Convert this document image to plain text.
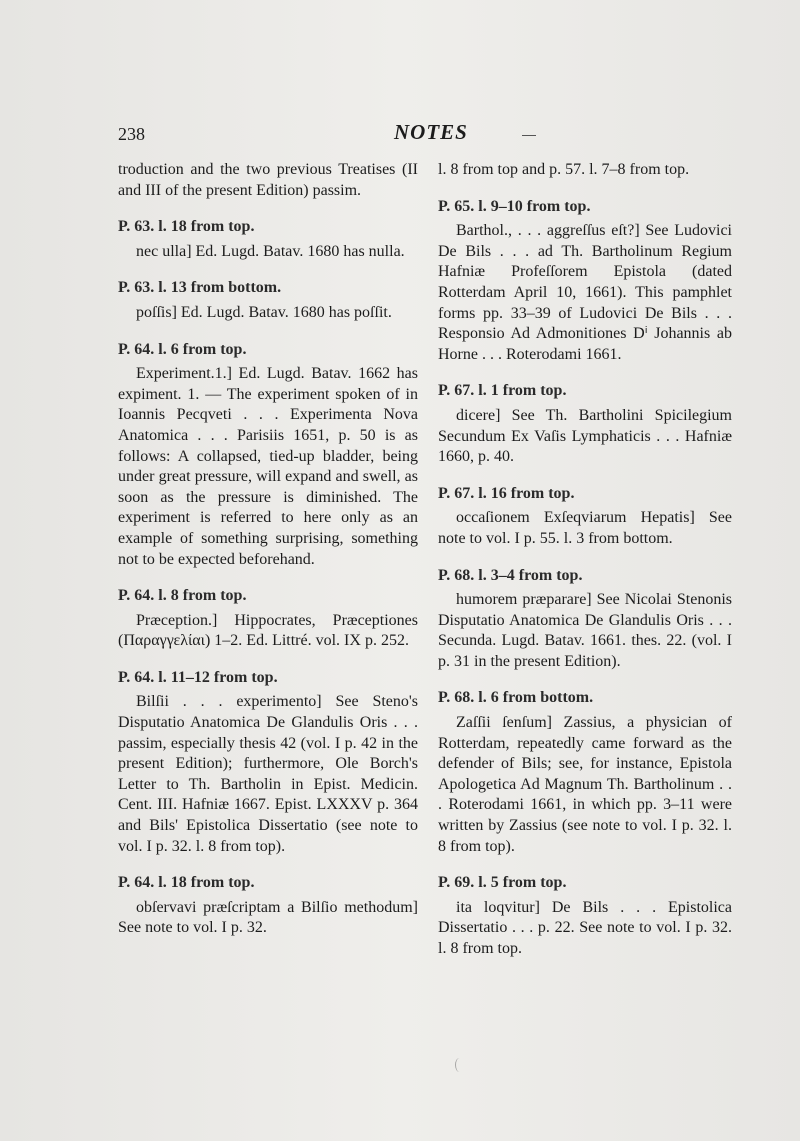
238	NOTES

troduction and the two previous Treatises (II and III of the present Edition) passim.

P. 63. l. 18 from top.

nec ulla] Ed. Lugd. Batav. 1680 has nulla.

P. 63. l. 13 from bottom.

poſſis] Ed. Lugd. Batav. 1680 has poſſit.

P. 64. l. 6 from top.

Experiment.1.] Ed. Lugd. Batav. 1662 has expiment. 1. — The experiment spoken of in Ioannis Pecqveti . . . Experimenta Nova Anatomica . . . Parisiis 1651, p. 50 is as follows: A collapsed, tied-up bladder, being under great pressure, will expand and swell, as soon as the pressure is diminished. The experiment is referred to here only as an example of something surprising, something not to be expected beforehand.

P. 64. l. 8 from top.

Præception.] Hippocrates, Præceptiones (Παραγγελίαι) 1–2. Ed. Littré. vol. IX p. 252.

P. 64. l. 11–12 from top.

Bilſii . . . experimento] See Steno's Disputatio Anatomica De Glandulis Oris . . . passim, especially thesis 42 (vol. I p. 42 in the present Edition); furthermore, Ole Borch's Letter to Th. Bartholin in Epist. Medicin. Cent. III. Hafniæ 1667. Epist. LXXXV p. 364 and Bils' Epistolica Dissertatio (see note to vol. I p. 32. l. 8 from top).

P. 64. l. 18 from top.

obſervavi præſcriptam a Bilſio methodum] See note to vol. I p. 32.

l. 8 from top and p. 57. l. 7–8 from top.

P. 65. l. 9–10 from top.

Barthol., . . . aggreſſus eſt?] See Ludovici De Bils . . . ad Th. Bartholinum Regium Hafniæ Profeſſorem Epistola (dated Rotterdam April 10, 1661). This pamphlet forms pp. 33–39 of Ludovici De Bils . . . Responsio Ad Admonitiones Dⁱ Johannis ab Horne . . . Roterodami 1661.

P. 67. l. 1 from top.

dicere] See Th. Bartholini Spicilegium Secundum Ex Vaſis Lymphaticis . . . Hafniæ 1660, p. 40.

P. 67. l. 16 from top.

occaſionem Exſeqviarum Hepatis] See note to vol. I p. 55. l. 3 from bottom.

P. 68. l. 3–4 from top.

humorem præparare] See Nicolai Stenonis Disputatio Anatomica De Glandulis Oris . . . Secunda. Lugd. Batav. 1661. thes. 22. (vol. I p. 31 in the present Edition).

P. 68. l. 6 from bottom.

Zaſſii ſenſum] Zassius, a physician of Rotterdam, repeatedly came forward as the defender of Bils; see, for instance, Epistola Apologetica Ad Magnum Th. Bartholinum . . . Roterodami 1661, in which pp. 3–11 were written by Zassius (see note to vol. I p. 32. l. 8 from top).

P. 69. l. 5 from top.

ita loqvitur] De Bils . . . Epistolica Dissertatio . . . p. 22. See note to vol. I p. 32. l. 8 from top.
